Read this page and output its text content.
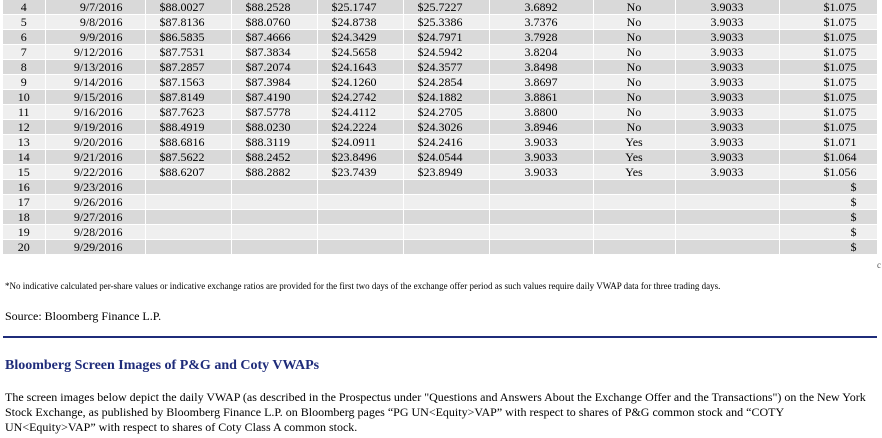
4	9/7/2016	$88.0027	$88.2528	$25.1747	$25.7227	3.6892	No	3.9033	$1.075
5	9/8/2016	$87.8136	$88.0760	$24.8738	$25.3386	3.7376	No	3.9033	$1.075
6	9/9/2016	$86.5835	$87.4666	$24.3429	$24.7971	3.7928	No	3.9033	$1.075
7	9/12/2016	$87.7531	$87.3834	$24.5658	$24.5942	3.8204	No	3.9033	$1.075
8	9/13/2016	$87.2857	$87.2074	$24.1643	$24.3577	3.8498	No	3.9033	$1.075
9	9/14/2016	$87.1563	$87.3984	$24.1260	$24.2854	3.8697	No	3.9033	$1.075
10	9/15/2016	$87.8149	$87.4190	$24.2742	$24.1882	3.8861	No	3.9033	$1.075
11	9/16/2016	$87.7623	$87.5778	$24.4112	$24.2705	3.8800	No	3.9033	$1.075
12	9/19/2016	$88.4919	$88.0230	$24.2224	$24.3026	3.8946	No	3.9033	$1.075
13	9/20/2016	$88.6816	$88.3119	$24.0911	$24.2416	3.9033	Yes	3.9033	$1.071
14	9/21/2016	$87.5622	$88.2452	$23.8496	$24.0544	3.9033	Yes	3.9033	$1.064
15	9/22/2016	$88.6207	$88.2882	$23.7439	$23.8949	3.9033	Yes	3.9033	$1.056
16	9/23/2016								$
17	9/26/2016								$
18	9/27/2016								$
19	9/28/2016								$
20	9/29/2016								$
*No indicative calculated per-share values or indicative exchange ratios are provided for the first two days of the exchange offer period as such values require daily VWAP data for three trading days.
Source: Bloomberg Finance L.P.
Bloomberg Screen Images of P&G and Coty VWAPs
The screen images below depict the daily VWAP (as described in the Prospectus under "Questions and Answers About the Exchange Offer and the Transactions") on the New York Stock Exchange, as published by Bloomberg Finance L.P. on Bloomberg pages “PG UN<Equity>VAP” with respect to shares of P&G common stock and “COTY UN<Equity>VAP” with respect to shares of Coty Class A common stock.
c
